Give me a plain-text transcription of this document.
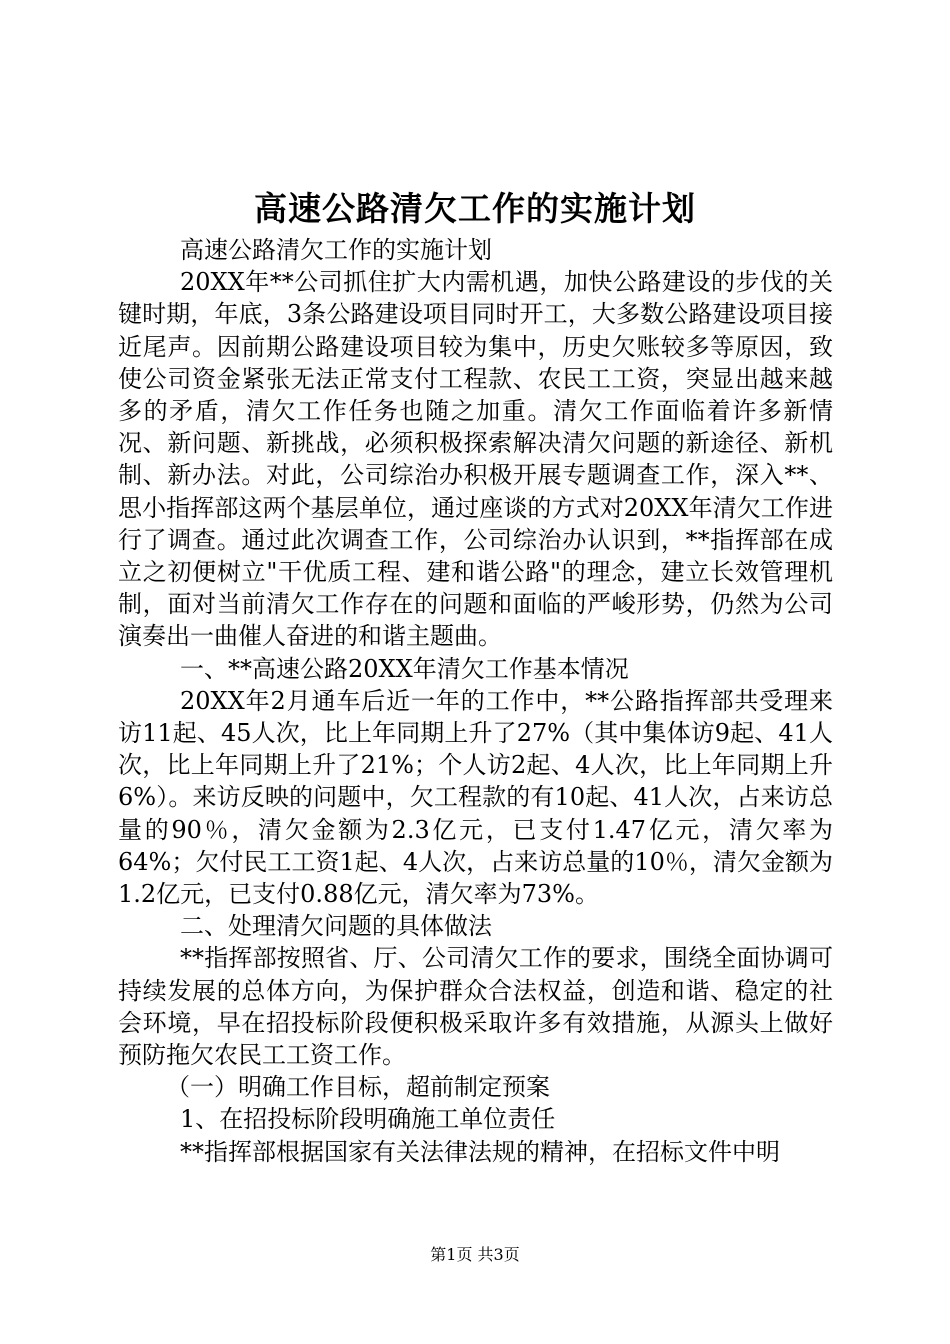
高速公路清欠工作的实施计划

高速公路清欠工作的实施计划

20XX年**公司抓住扩大内需机遇，加快公路建设的步伐的关键时期，年底，3条公路建设项目同时开工，大多数公路建设项目接近尾声。因前期公路建设项目较为集中，历史欠账较多等原因，致使公司资金紧张无法正常支付工程款、农民工工资，突显出越来越多的矛盾，清欠工作任务也随之加重。清欠工作面临着许多新情况、新问题、新挑战，必须积极探索解决清欠问题的新途径、新机制、新办法。对此，公司综治办积极开展专题调查工作，深入**、思小指挥部这两个基层单位，通过座谈的方式对20XX年清欠工作进行了调查。通过此次调查工作，公司综治办认识到，**指挥部在成立之初便树立"干优质工程、建和谐公路"的理念，建立长效管理机制，面对当前清欠工作存在的问题和面临的严峻形势，仍然为公司演奏出一曲催人奋进的和谐主题曲。

一、**高速公路20XX年清欠工作基本情况

20XX年2月通车后近一年的工作中，**公路指挥部共受理来访11起、45人次，比上年同期上升了27%（其中集体访9起、41人次，比上年同期上升了21%；个人访2起、4人次，比上年同期上升6%）。来访反映的问题中，欠工程款的有10起、41人次，占来访总量的90％，清欠金额为2.3亿元，已支付1.47亿元，清欠率为64%；欠付民工工资1起、4人次，占来访总量的10％，清欠金额为1.2亿元，已支付0.88亿元，清欠率为73%。

二、处理清欠问题的具体做法

**指挥部按照省、厅、公司清欠工作的要求，围绕全面协调可持续发展的总体方向，为保护群众合法权益，创造和谐、稳定的社会环境，早在招投标阶段便积极采取许多有效措施，从源头上做好预防拖欠农民工工资工作。

（一）明确工作目标，超前制定预案

1、在招投标阶段明确施工单位责任

**指挥部根据国家有关法律法规的精神，在招标文件中明

第1页 共3页
